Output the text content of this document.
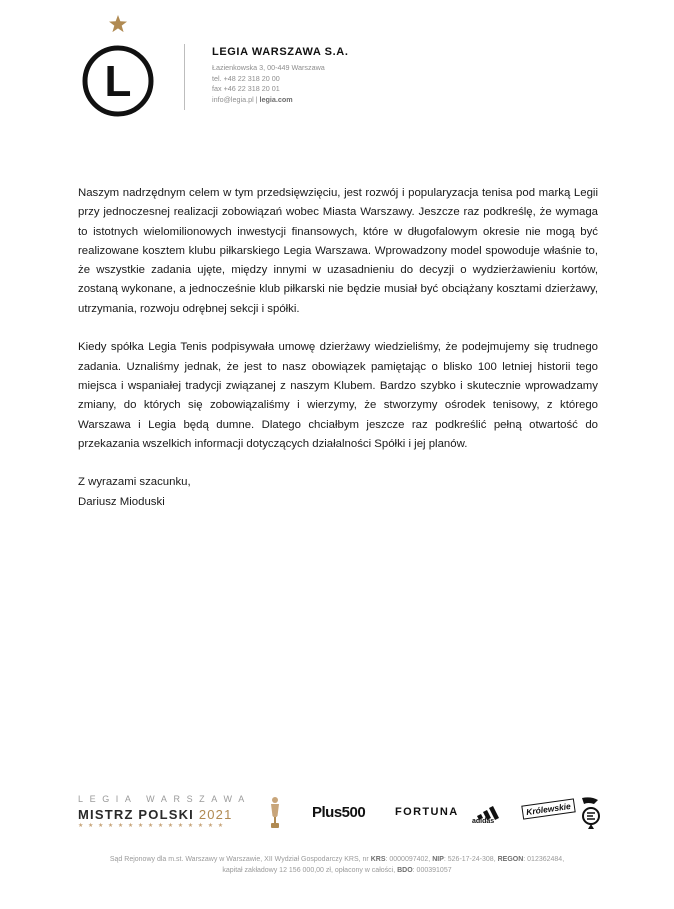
L
LEGIA WARSZAWA S.A.
Łazienkowska 3, 00-449 Warszawa
tel. +48 22 318 20 00
fax +46 22 318 20 01
info@legia.pl | legia.com

Naszym nadrzędnym celem w tym przedsięwzięciu, jest rozwój i popularyzacja tenisa pod marką Legii przy jednoczesnej realizacji zobowiązań wobec Miasta Warszawy. Jeszcze raz podkreślę, że wymaga to istotnych wielomilionowych inwestycji finansowych, które w długofalowym okresie nie mogą być realizowane kosztem klubu piłkarskiego Legia Warszawa. Wprowadzony model spowoduje właśnie to, że wszystkie zadania ujęte, między innymi w uzasadnieniu do decyzji o wydzierżawieniu kortów, zostaną wykonane, a jednocześnie klub piłkarski nie będzie musiał być obciążany kosztami dzierżawy, utrzymania, rozwoju odrębnej sekcji i spółki.

Kiedy spółka Legia Tenis podpisywała umowę dzierżawy wiedzieliśmy, że podejmujemy się trudnego zadania. Uznaliśmy jednak, że jest to nasz obowiązek pamiętając o blisko 100 letniej historii tego miejsca i wspaniałej tradycji związanej z naszym Klubem. Bardzo szybko i skutecznie wprowadzamy zmiany, do których się zobowiązaliśmy i wierzymy, że stworzymy ośrodek tenisowy, z którego Warszawa i Legia będą dumne. Dlatego chciałbym jeszcze raz podkreślić pełną otwartość do przekazania wszelkich informacji dotyczących działalności Spółki i jej planów.

Z wyrazami szacunku,
Dariusz Mioduski
LEGIA WARSZAWA
MISTRZ POLSKI 2021
★★★★★★★★★★★★★★★
Plus500	FORTUNA
adidas
Królewskie
Sąd Rejonowy dla m.st. Warszawy w Warszawie, XII Wydział Gospodarczy KRS, nr KRS: 0000097402, NIP: 526-17-24-308, REGON: 012362484,
kapitał zakładowy 12 156 000,00 zł, opłacony w całości, BDO: 000391057
